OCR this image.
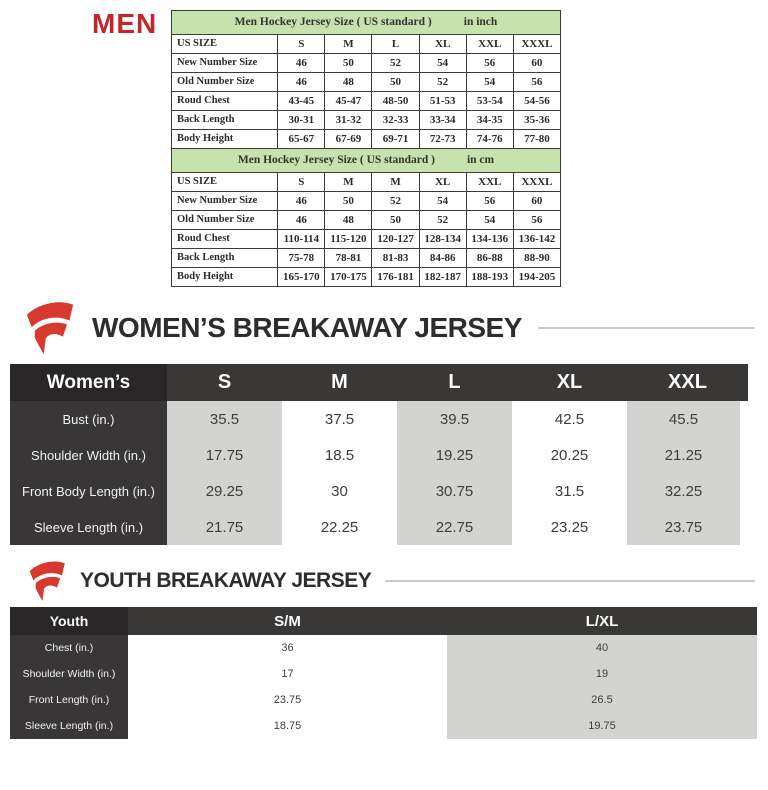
MEN	Men Hockey Jersey Size ( US standard ) in inch						
US SIZE	S	M	L	XL	XXL	XXXL
New Number Size	46	50	52	54	56	60
Old Number Size	46	48	50	52	54	56
Roud Chest	43-45	45-47	48-50	51-53	53-54	54-56
Back Length	30-31	31-32	32-33	33-34	34-35	35-36
Body Height	65-67	67-69	69-71	72-73	74-76	77-80
Men Hockey Jersey Size ( US standard ) in cm						
US SIZE	S	M	M	XL	XXL	XXXL
New Number Size	46	50	52	54	56	60
Old Number Size	46	48	50	52	54	56
Roud Chest	110-114	115-120	120-127	128-134	134-136	136-142
Back Length	75-78	78-81	81-83	84-86	86-88	88-90
Body Height	165-170	170-175	176-181	182-187	188-193	194-205
WOMEN’S BREAKAWAY JERSEY
Women’s	S	M	L	XL	XXL	
Bust (in.)	35.5	37.5	39.5	42.5	45.5	
Shoulder Width (in.)	17.75	18.5	19.25	20.25	21.25	
Front Body Length (in.)	29.25	30	30.75	31.5	32.25	
Sleeve Length (in.)	21.75	22.25	22.75	23.25	23.75	
YOUTH BREAKAWAY JERSEY
Youth	S/M	L/XL
Chest (in.)	36	40
Shoulder Width (in.)	17	19
Front Length (in.)	23.75	26.5
Sleeve Length (in.)	18.75	19.75
